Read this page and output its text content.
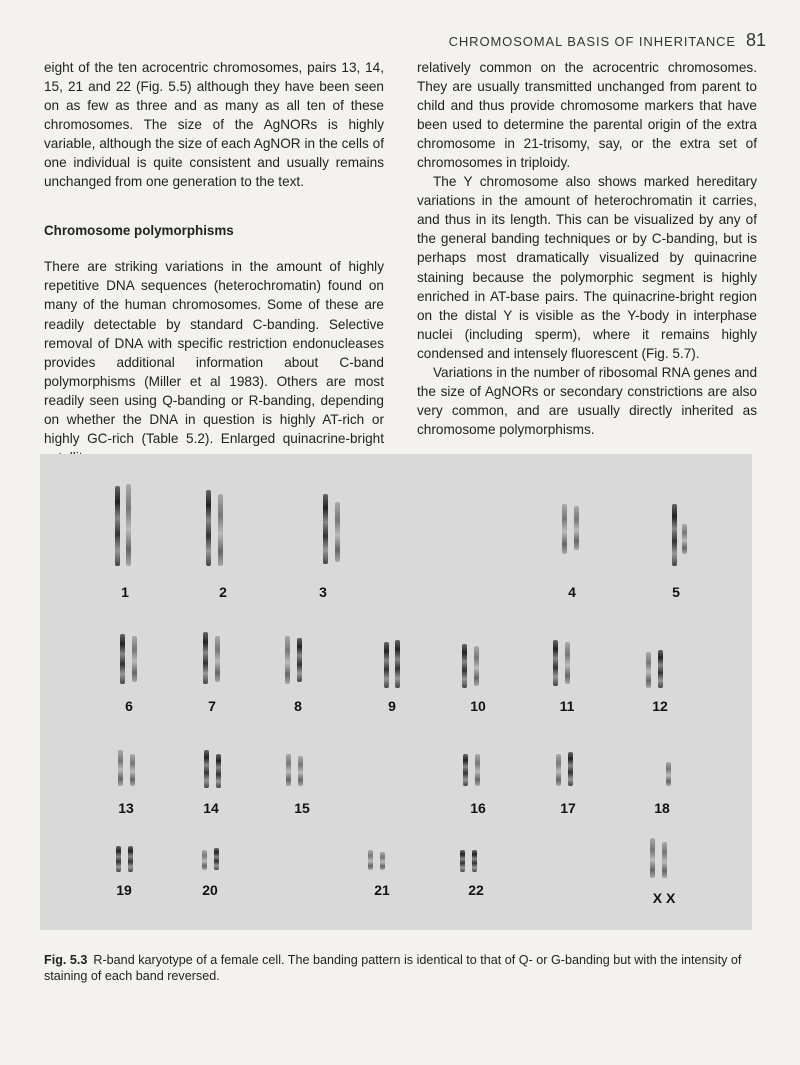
CHROMOSOMAL BASIS OF INHERITANCE 81

eight of the ten acrocentric chromosomes, pairs 13, 14, 15, 21 and 22 (Fig. 5.5) although they have been seen on as few as three and as many as all ten of these chromosomes. The size of the AgNORs is highly variable, although the size of each AgNOR in the cells of one individual is quite consistent and usually remains unchanged from one generation to the text.

Chromosome polymorphisms

There are striking variations in the amount of highly repetitive DNA sequences (heterochromatin) found on many of the human chromosomes. Some of these are readily detectable by standard C-banding. Selective removal of DNA with specific restriction endonucleases provides additional information about C-band polymorphisms (Miller et al 1983). Others are most readily seen using Q-banding or R-banding, depending on whether the DNA in question is highly AT-rich or highly GC-rich (Table 5.2). Enlarged quinacrine-bright

relatively common on the acrocentric chromosomes. They are usually transmitted unchanged from parent to child and thus provide chromosome markers that have been used to determine the parental origin of the extra chromosome in 21-trisomy, say, or the extra set of chromosomes in triploidy.

The Y chromosome also shows marked hereditary variations in the amount of heterochromatin it carries, and thus in its length. This can be visualized by any of the general banding techniques or by C-banding, but is perhaps most dramatically visualized by quinacrine staining because the polymorphic segment is highly enriched in AT-base pairs. The quinacrine-bright region on the distal Y is visible as the Y-body in interphase nuclei (including sperm), where it remains highly condensed and intensely fluorescent (Fig. 5.7).

Variations in the number of ribosomal RNA genes and the size of AgNORs or secondary constrictions are also very common, and are usually directly inherited as chromosome polymorphisms.

1	2	3	4	5
6	7	8	9	10	11	12
13	14	15	16	17	18
19	20	21	22	X X
Fig. 5.3 R-band karyotype of a female cell. The banding pattern is identical to that of Q- or G-banding but with the intensity of staining of each band reversed.
